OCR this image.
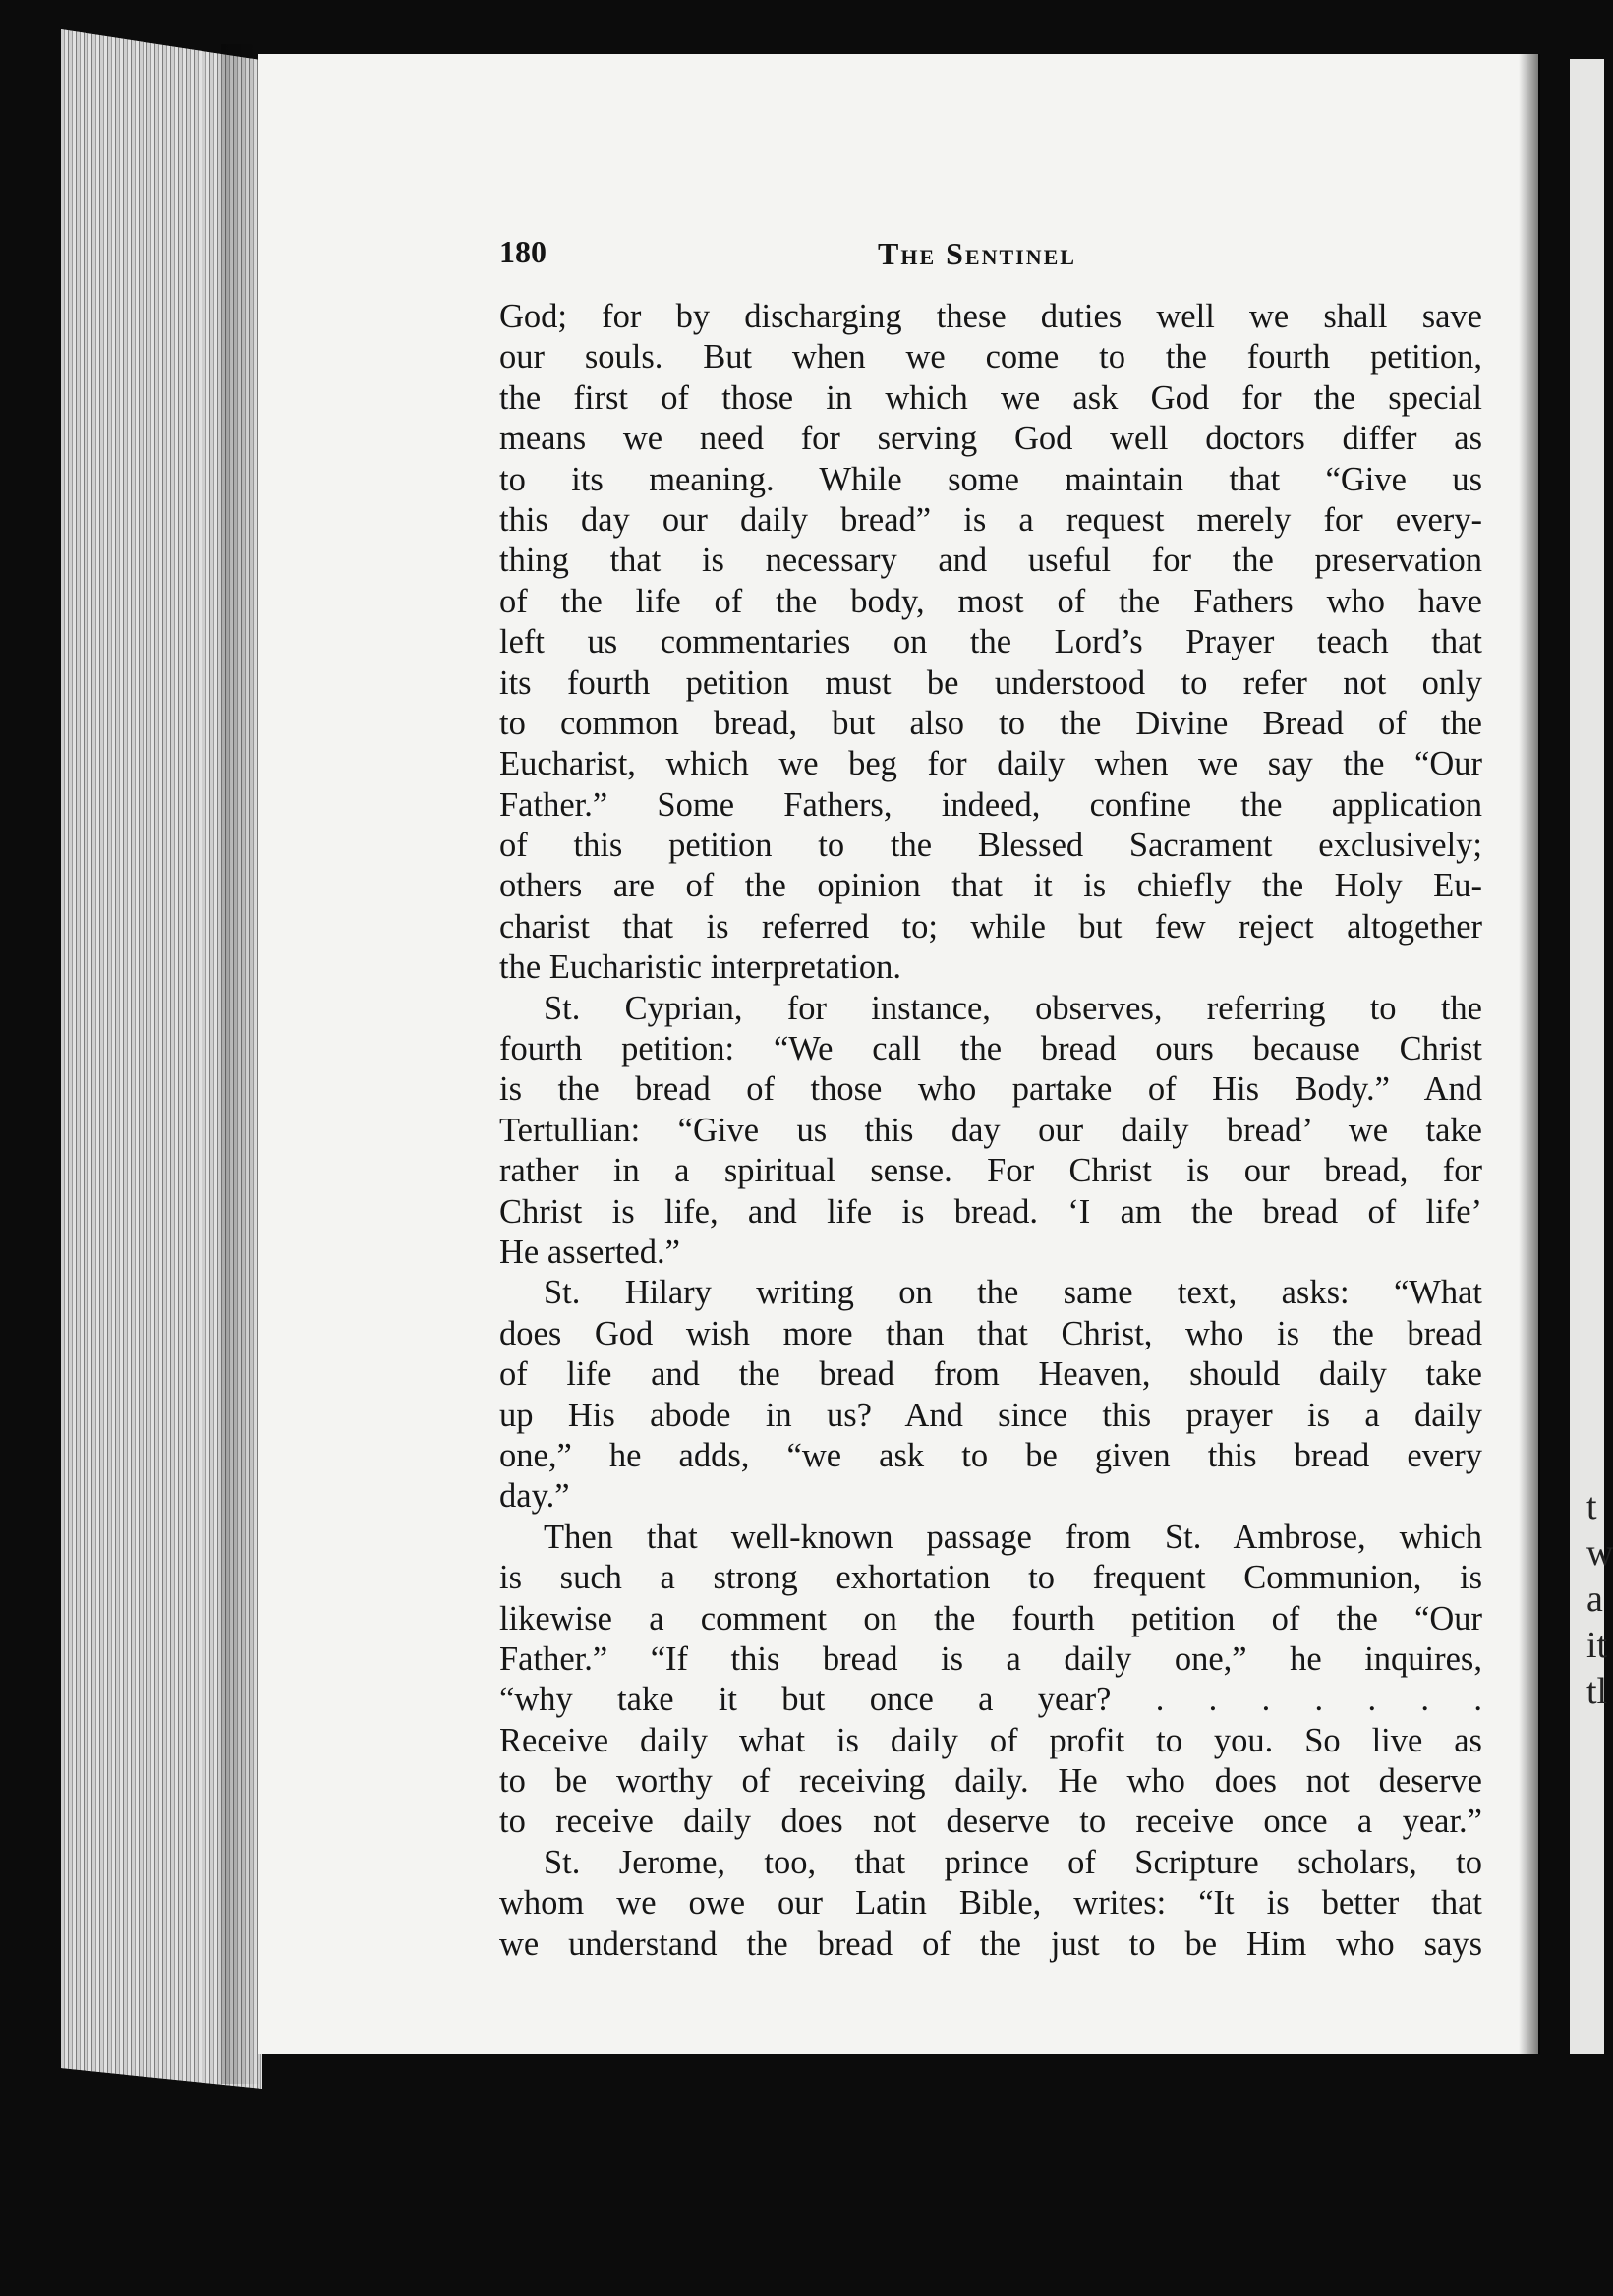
t
w
a
it
tl
180	The Sentinel
God; for by discharging these duties well we shall save
our souls. But when we come to the fourth petition,
the first of those in which we ask God for the special
means we need for serving God well doctors differ as
to its meaning. While some maintain that “Give us
this day our daily bread” is a request merely for every-
thing that is necessary and useful for the preservation
of the life of the body, most of the Fathers who have
left us commentaries on the Lord’s Prayer teach that
its fourth petition must be understood to refer not only
to common bread, but also to the Divine Bread of the
Eucharist, which we beg for daily when we say the “Our
Father.” Some Fathers, indeed, confine the application
of this petition to the Blessed Sacrament exclusively;
others are of the opinion that it is chiefly the Holy Eu-
charist that is referred to; while but few reject altogether
the Eucharistic interpretation.
St. Cyprian, for instance, observes, referring to the
fourth petition: “We call the bread ours because Christ
is the bread of those who partake of His Body.” And
Tertullian: “Give us this day our daily bread’ we take
rather in a spiritual sense. For Christ is our bread, for
Christ is life, and life is bread. ‘I am the bread of life’
He asserted.”
St. Hilary writing on the same text, asks: “What
does God wish more than that Christ, who is the bread
of life and the bread from Heaven, should daily take
up His abode in us? And since this prayer is a daily
one,” he adds, “we ask to be given this bread every
day.”
Then that well-known passage from St. Ambrose, which
is such a strong exhortation to frequent Communion, is
likewise a comment on the fourth petition of the “Our
Father.” “If this bread is a daily one,” he inquires,
“why take it but once a year? . . . . . . .
Receive daily what is daily of profit to you. So live as
to be worthy of receiving daily. He who does not deserve
to receive daily does not deserve to receive once a year.”
St. Jerome, too, that prince of Scripture scholars, to
whom we owe our Latin Bible, writes: “It is better that
we understand the bread of the just to be Him who says
